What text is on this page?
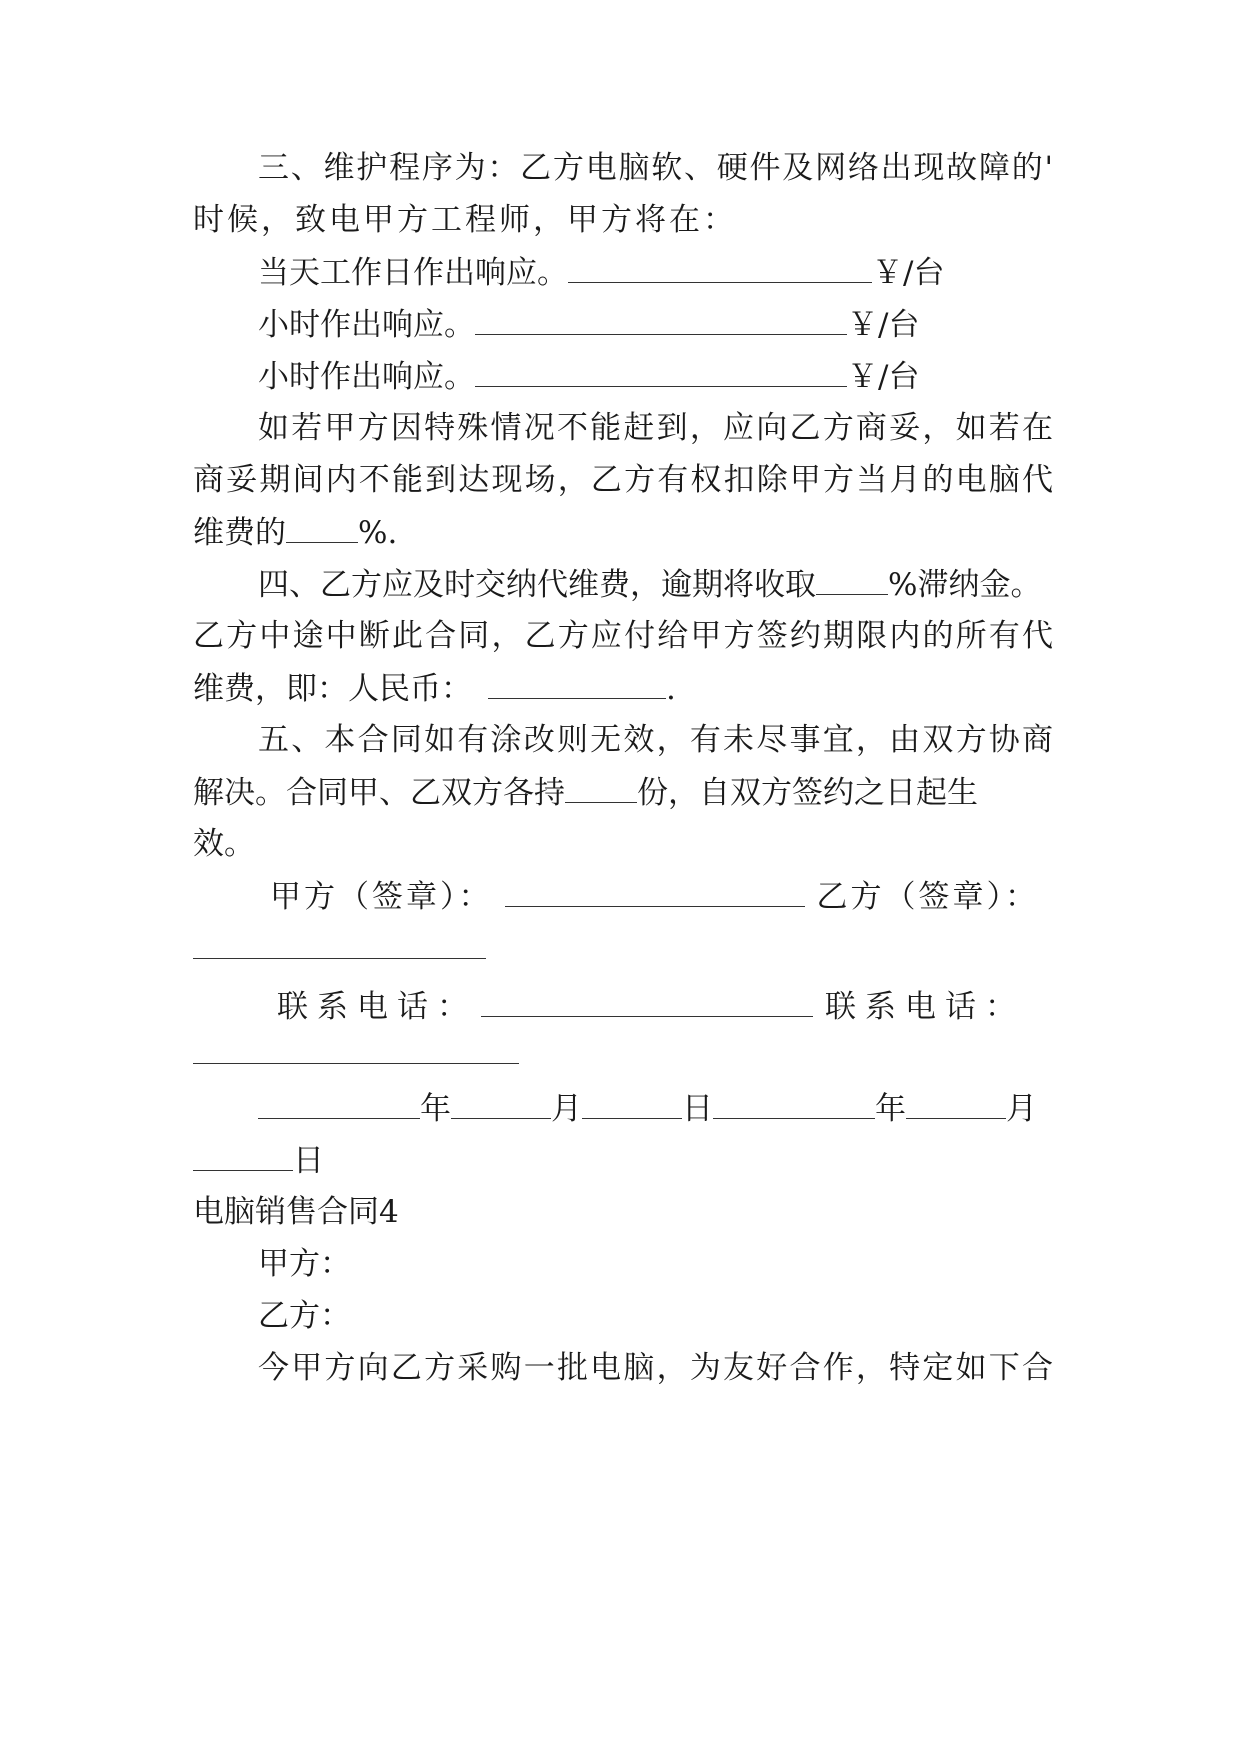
三、维护程序为：乙方电脑软、硬件及网络出现故障的'
时候，致电甲方工程师，甲方将在：
当天工作日作出响应。	￥/台
小时作出响应。	￥/台
小时作出响应。	￥/台
如若甲方因特殊情况不能赶到，应向乙方商妥，如若在
商妥期间内不能到达现场，乙方有权扣除甲方当月的电脑代
维费的 %.
四、乙方应及时交纳代维费，逾期将收取 %滞纳金。
乙方中途中断此合同，乙方应付给甲方签约期限内的所有代
维费，即：人民币：	.
五、本合同如有涂改则无效，有未尽事宜，由双方协商
解决。合同甲、乙双方各持 份，自双方签约之日起生
效。
甲方（签章）：	乙方（签章）：
联系电话：	联系电话：
年	月	日	年	月
日
电脑销售合同4
甲方：
乙方：
今甲方向乙方采购一批电脑，为友好合作，特定如下合
